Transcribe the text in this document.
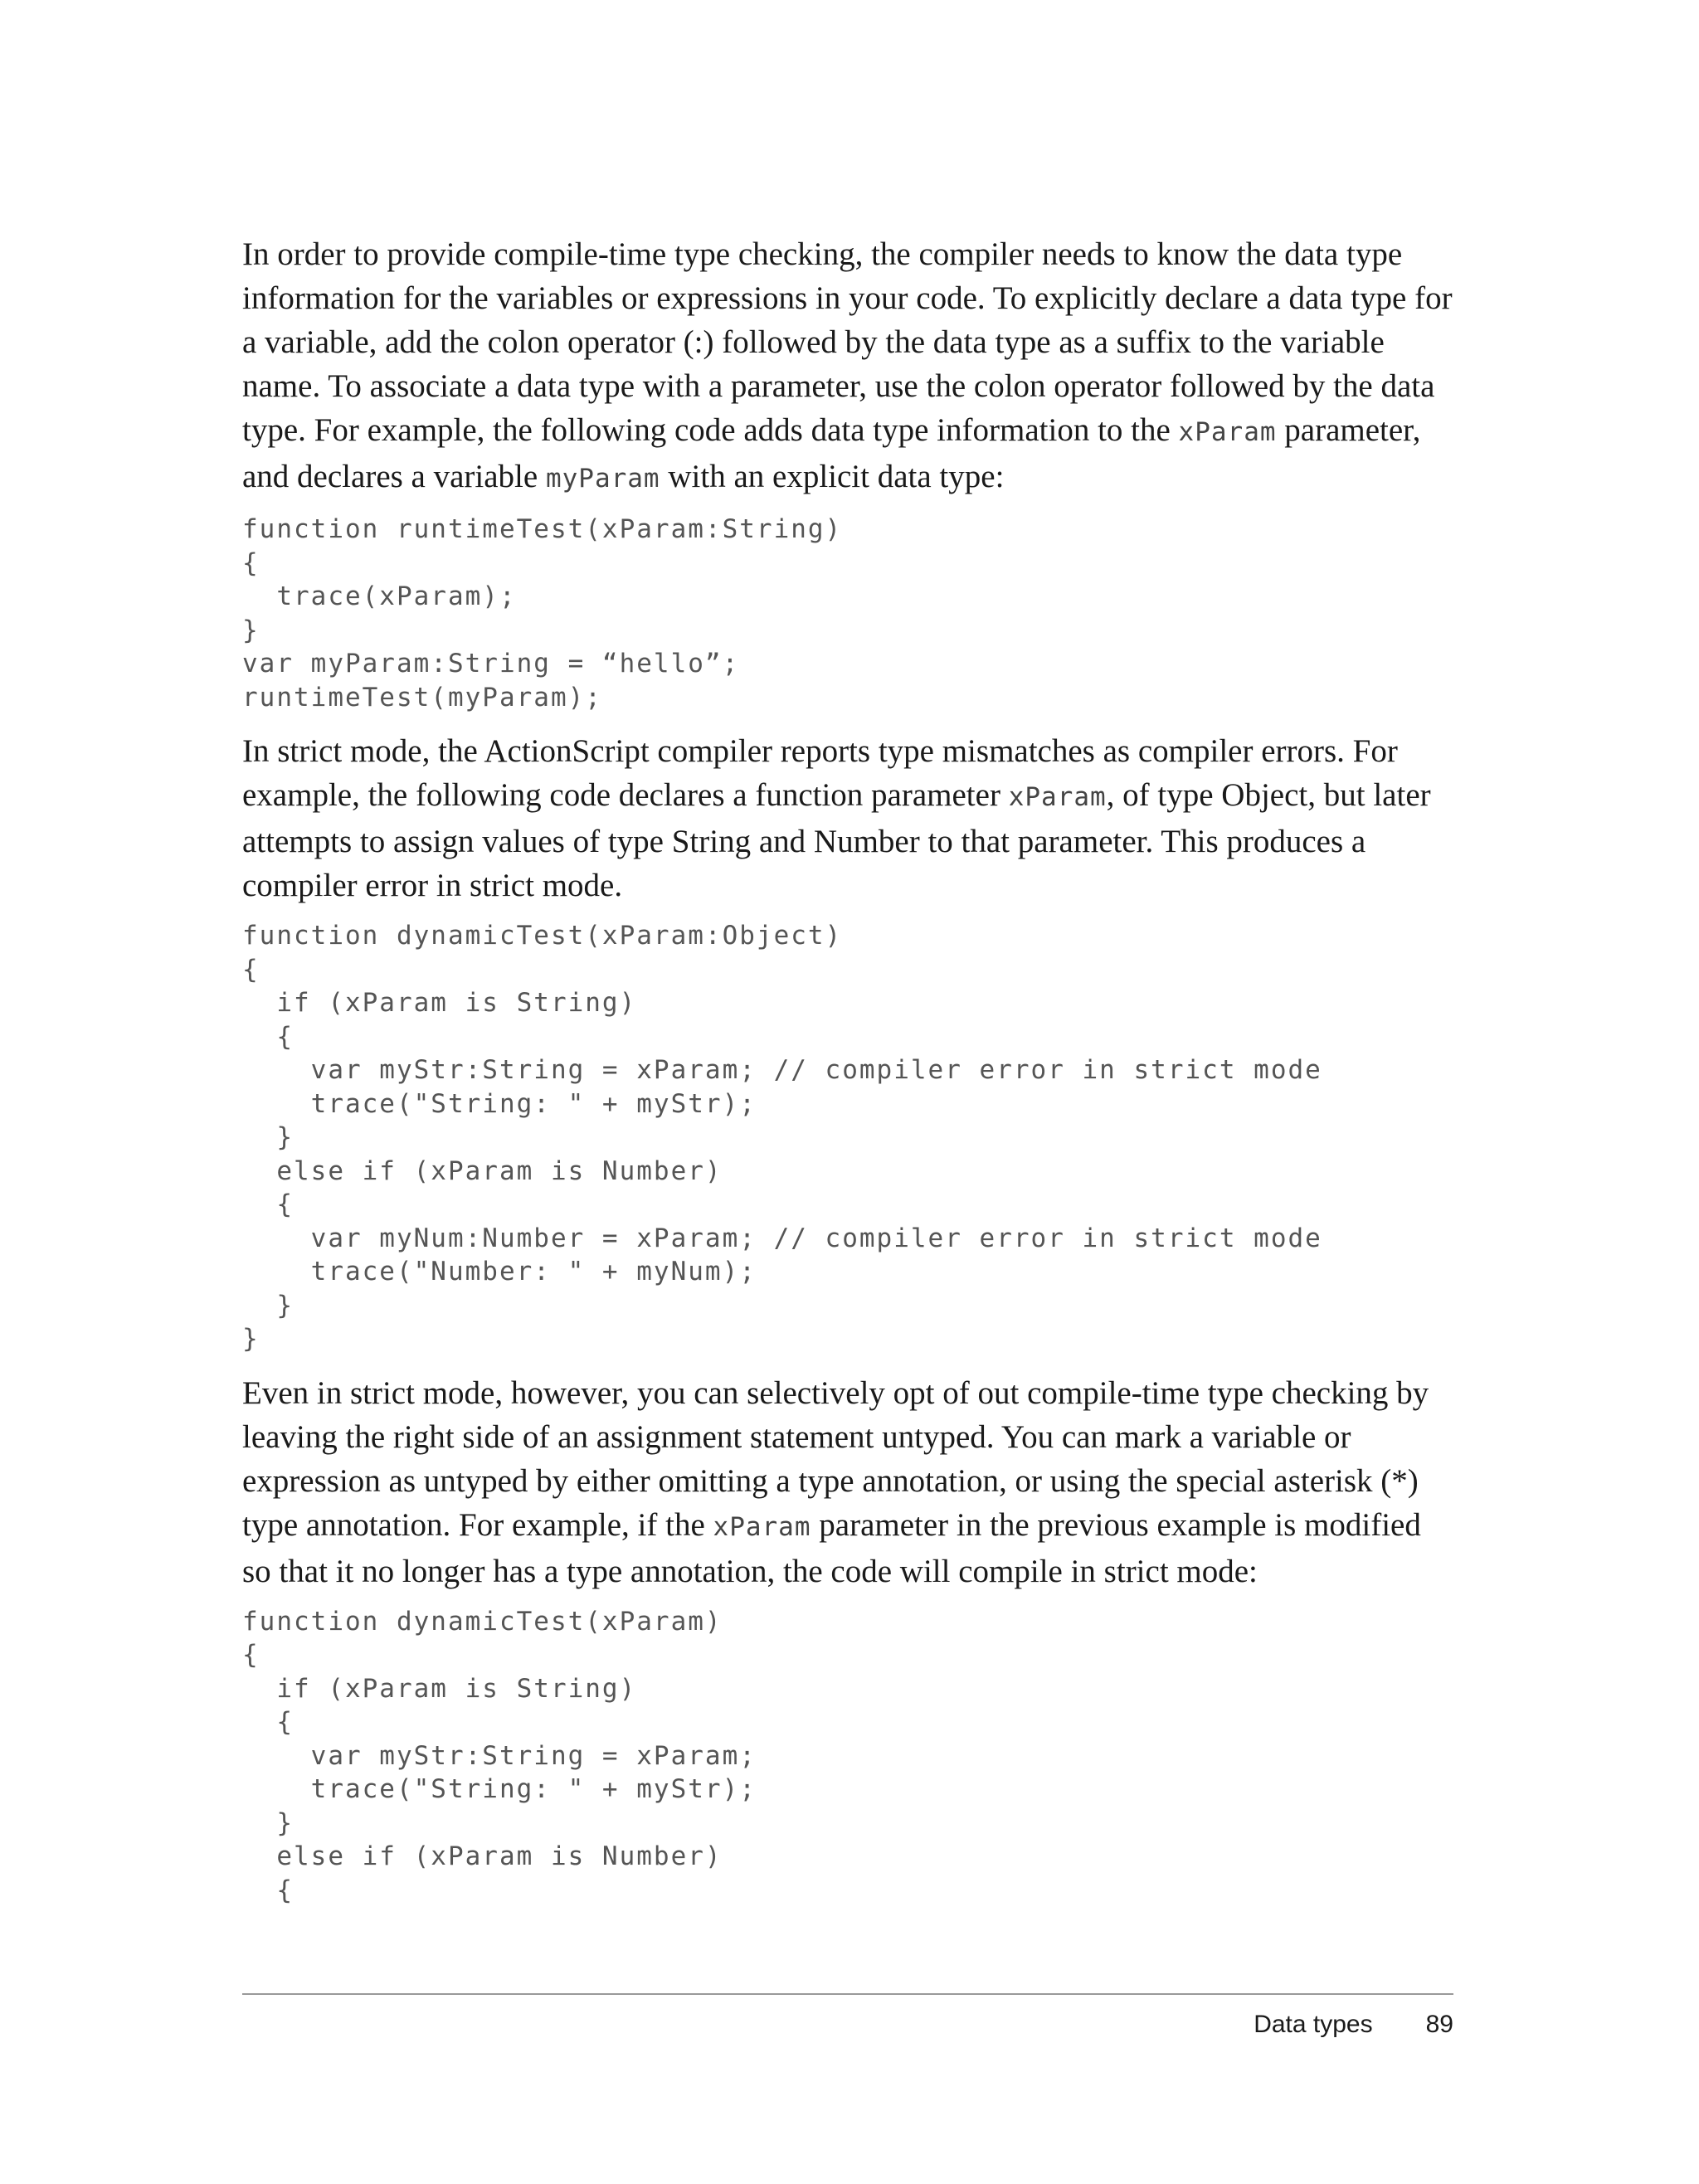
In order to provide compile-time type checking, the compiler needs to know the data type information for the variables or expressions in your code. To explicitly declare a data type for a variable, add the colon operator (:) followed by the data type as a suffix to the variable name. To associate a data type with a parameter, use the colon operator followed by the data type. For example, the following code adds data type information to the xParam parameter, and declares a variable myParam with an explicit data type:

function runtimeTest(xParam:String)
{
trace(xParam);
}
var myParam:String = “hello”;
runtimeTest(myParam);

In strict mode, the ActionScript compiler reports type mismatches as compiler errors. For example, the following code declares a function parameter xParam, of type Object, but later attempts to assign values of type String and Number to that parameter. This produces a compiler error in strict mode.

function dynamicTest(xParam:Object)
{
if (xParam is String)
{
var myStr:String = xParam; // compiler error in strict mode
trace("String: " + myStr);
}
else if (xParam is Number)
{
var myNum:Number = xParam; // compiler error in strict mode
trace("Number: " + myNum);
}
}

Even in strict mode, however, you can selectively opt of out compile-time type checking by leaving the right side of an assignment statement untyped. You can mark a variable or expression as untyped by either omitting a type annotation, or using the special asterisk (*) type annotation. For example, if the xParam parameter in the previous example is modified so that it no longer has a type annotation, the code will compile in strict mode:

function dynamicTest(xParam)
{
if (xParam is String)
{
var myStr:String = xParam;
trace("String: " + myStr);
}
else if (xParam is Number)
{
Data types 89
